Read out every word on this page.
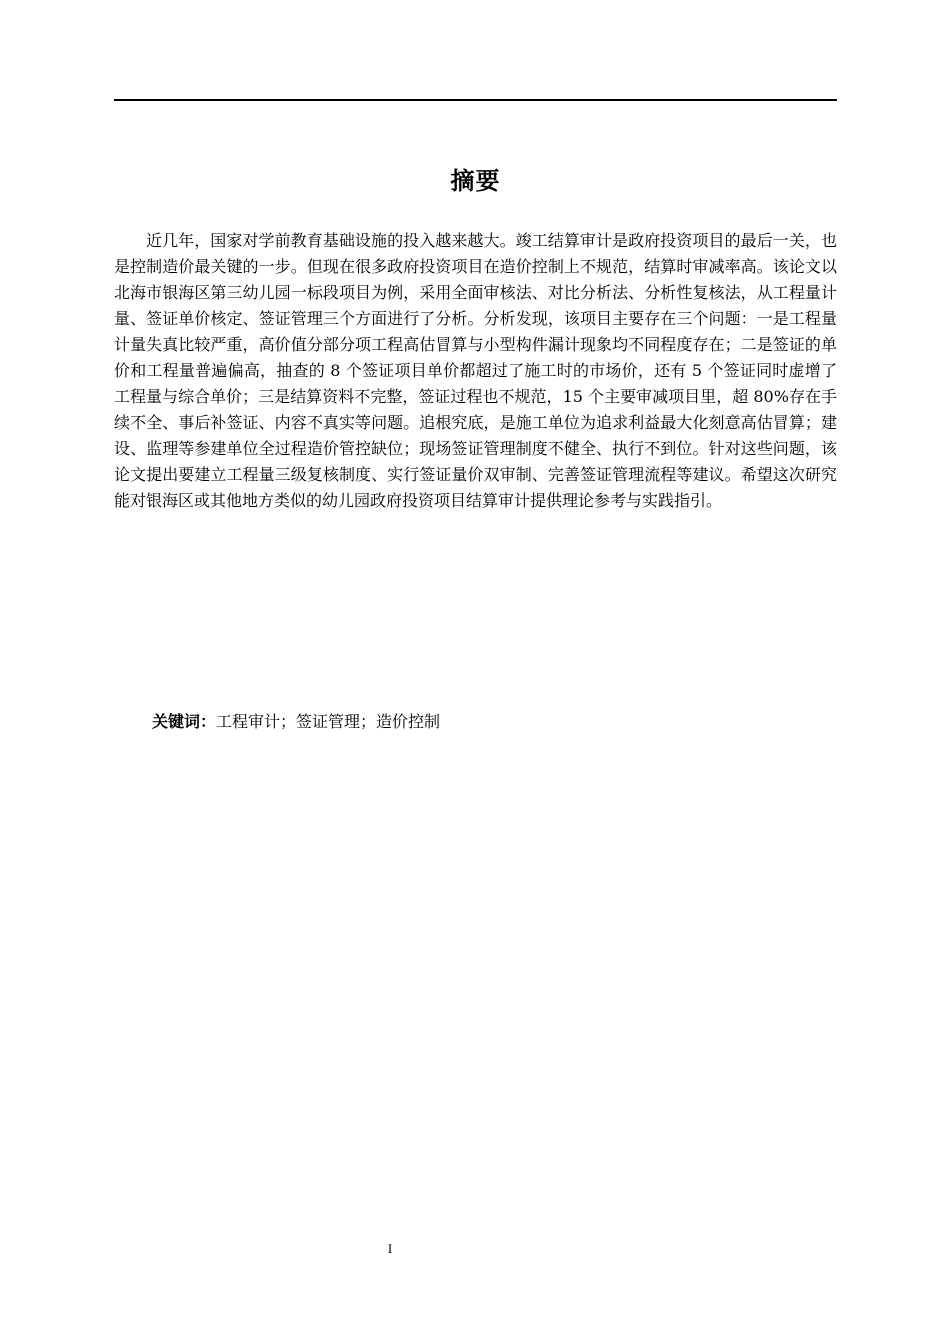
摘要

近几年，国家对学前教育基础设施的投入越来越大。竣工结算审计是政府投资项目的最后一关，也是控制造价最关键的一步。但现在很多政府投资项目在造价控制上不规范，结算时审减率高。该论文以北海市银海区第三幼儿园一标段项目为例，采用全面审核法、对比分析法、分析性复核法，从工程量计量、签证单价核定、签证管理三个方面进行了分析。分析发现，该项目主要存在三个问题：一是工程量计量失真比较严重，高价值分部分项工程高估冒算与小型构件漏计现象均不同程度存在；二是签证的单价和工程量普遍偏高，抽查的 8 个签证项目单价都超过了施工时的市场价，还有 5 个签证同时虚增了工程量与综合单价；三是结算资料不完整，签证过程也不规范，15 个主要审减项目里，超 80%存在手续不全、事后补签证、内容不真实等问题。追根究底，是施工单位为追求利益最大化刻意高估冒算；建设、监理等参建单位全过程造价管控缺位；现场签证管理制度不健全、执行不到位。针对这些问题，该论文提出要建立工程量三级复核制度、实行签证量价双审制、完善签证管理流程等建议。希望这次研究能对银海区或其他地方类似的幼儿园政府投资项目结算审计提供理论参考与实践指引。

关键词：工程审计；签证管理；造价控制

I
